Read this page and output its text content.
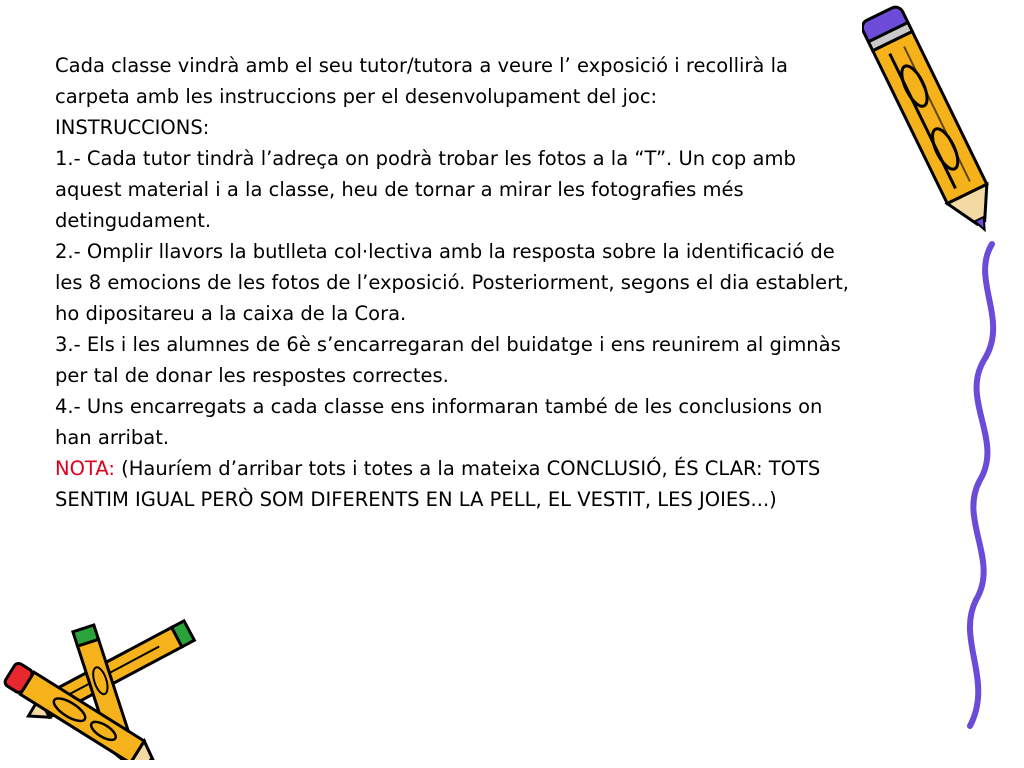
Cada classe vindrà amb el seu tutor/tutora a veure l’ exposició i recollirà la carpeta amb les instruccions per el desenvolupament del joc:

INSTRUCCIONS:

1.- Cada tutor tindrà l’adreça on podrà trobar les fotos a la “T”. Un cop amb aquest material i a la classe, heu de tornar a mirar les fotografies més detingudament.

2.- Omplir llavors la butlleta col·lectiva amb la resposta sobre la identificació de les 8 emocions de les fotos de l’exposició. Posteriorment, segons el dia establert, ho dipositareu a la caixa de la Cora.

3.- Els i les alumnes de 6è s’encarregaran del buidatge i ens reunirem al gimnàs per tal de donar les respostes correctes.

4.- Uns encarregats a cada classe ens informaran també de les conclusions on han arribat.

NOTA: (Hauríem d’arribar tots i totes a la mateixa CONCLUSIÓ, ÉS CLAR: TOTS SENTIM IGUAL PERÒ SOM DIFERENTS EN LA PELL, EL VESTIT, LES JOIES...)
